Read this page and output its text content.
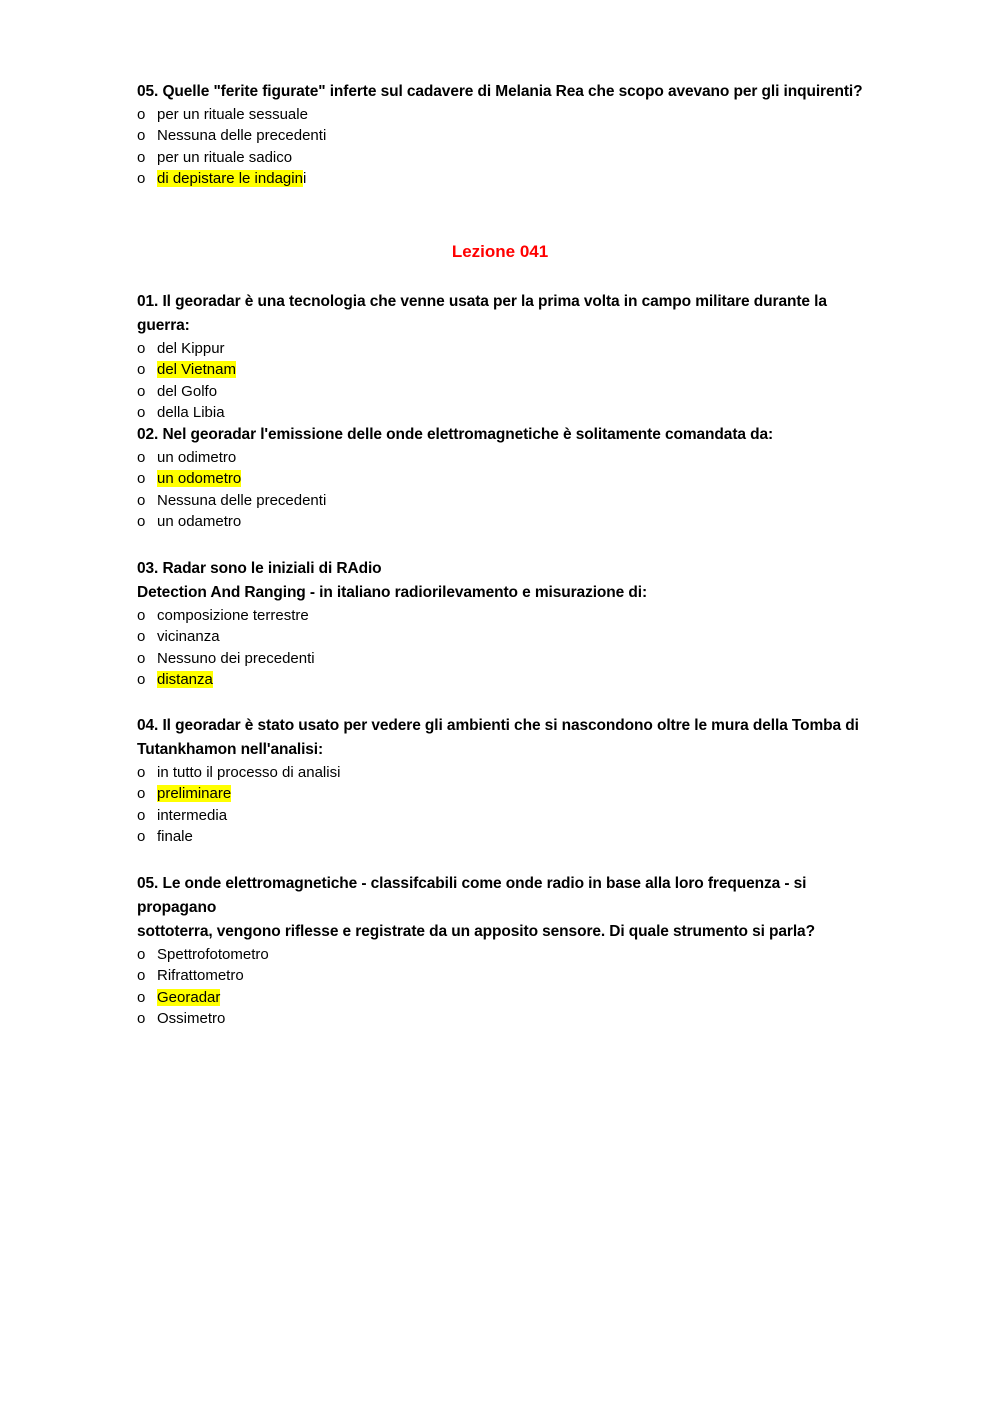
05. Quelle "ferite figurate" inferte sul cadavere di Melania Rea che scopo avevano per gli inquirenti?
o per un rituale sessuale
o Nessuna delle precedenti
o per un rituale sadico
o di depistare le indagini
Lezione 041
01. Il georadar è una tecnologia che venne usata per la prima volta in campo militare durante la guerra:
o del Kippur
o del Vietnam
o del Golfo
o della Libia
02. Nel georadar l'emissione delle onde elettromagnetiche è solitamente comandata da:
o un odimetro
o un odometro
o Nessuna delle precedenti
o un odametro
03. Radar sono le iniziali di RAdio
Detection And Ranging - in italiano radiorilevamento e misurazione di:
o composizione terrestre
o vicinanza
o Nessuno dei precedenti
o distanza
04. Il georadar è stato usato per vedere gli ambienti che si nascondono oltre le mura della Tomba di
Tutankhamon nell'analisi:
o in tutto il processo di analisi
o preliminare
o intermedia
o finale
05. Le onde elettromagnetiche - classifcabili come onde radio in base alla loro frequenza - si propagano
sottoterra, vengono riflesse e registrate da un apposito sensore. Di quale strumento si parla?
o Spettrofotometro
o Rifrattometro
o Georadar
o Ossimetro
